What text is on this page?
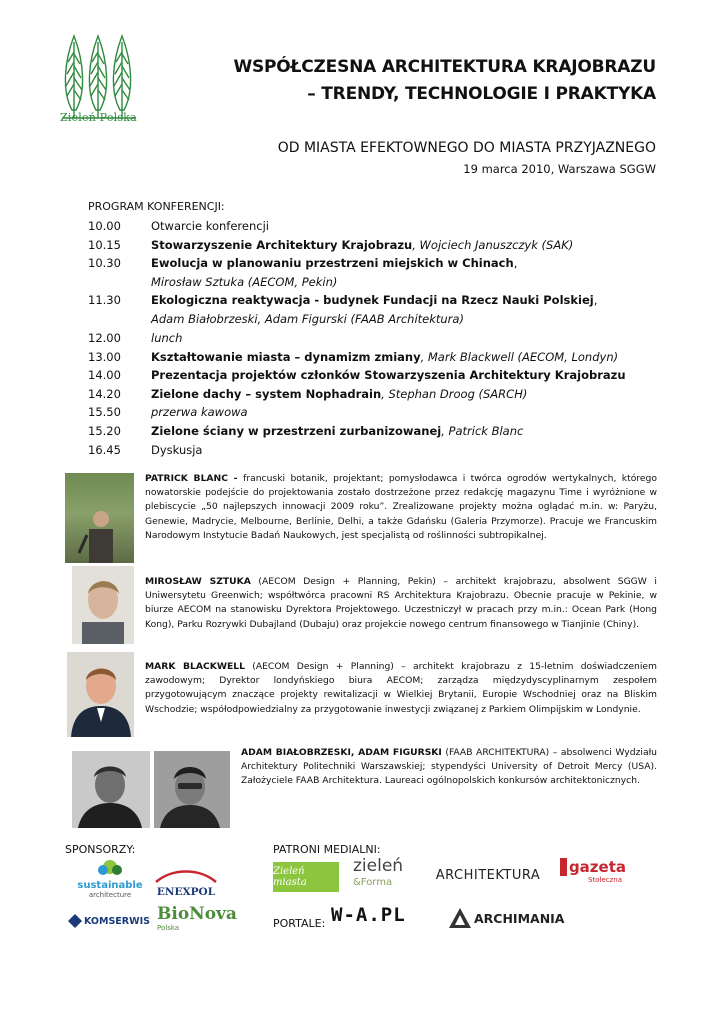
Zieleń Polska
WSPÓŁCZESNA ARCHITEKTURA KRAJOBRAZU
– TRENDY, TECHNOLOGIE I PRAKTYKA
OD MIASTA EFEKTOWNEGO DO MIASTA PRZYJAZNEGO
19 marca 2010, Warszawa SGGW
PROGRAM KONFERENCJI:
10.00	Otwarcie konferencji
10.15	Stowarzyszenie Architektury Krajobrazu, Wojciech Januszczyk (SAK)
10.30	Ewolucja w planowaniu przestrzeni miejskich w Chinach,
Mirosław Sztuka (AECOM, Pekin)
11.30	Ekologiczna reaktywacja - budynek Fundacji na Rzecz Nauki Polskiej,
Adam Białobrzeski, Adam Figurski (FAAB Architektura)
12.00	lunch
13.00	Kształtowanie miasta – dynamizm zmiany, Mark Blackwell (AECOM, Londyn)
14.00	Prezentacja projektów członków Stowarzyszenia Architektury Krajobrazu
14.20	Zielone dachy – system Nophadrain, Stephan Droog (SARCH)
15.50	przerwa kawowa
15.20	Zielone ściany w przestrzeni zurbanizowanej, Patrick Blanc
16.45	Dyskusja
PATRICK BLANC - francuski botanik, projektant; pomysłodawca i twórca ogrodów wertykalnych, którego nowatorskie podejście do projektowania zostało dostrzeżone przez redakcję magazynu Time i wyróżnione w plebiscycie „50 najlepszych innowacji 2009 roku”. Zrealizowane projekty można oglądać m.in. w: Paryżu, Genewie, Madrycie, Melbourne, Berlinie, Delhi, a także Gdańsku (Galeria Przymorze). Pracuje we Francuskim Narodowym Instytucie Badań Naukowych, jest specjalistą od roślinności subtropikalnej.
MIROSŁAW SZTUKA (AECOM Design + Planning, Pekin) – architekt krajobrazu, absolwent SGGW i Uniwersytetu Greenwich; współtwórca pracowni RS Architektura Krajobrazu. Obecnie pracuje w Pekinie, w biurze AECOM na stanowisku Dyrektora Projektowego. Uczestniczył w pracach przy m.in.: Ocean Park (Hong Kong), Parku Rozrywki Dubajland (Dubaju) oraz projekcie nowego centrum finansowego w Tianjinie (Chiny).
MARK BLACKWELL (AECOM Design + Planning) – architekt krajobrazu z 15-letnim doświadczeniem zawodowym; Dyrektor londyńskiego biura AECOM; zarządza międzydyscyplinarnym zespołem przygotowującym znaczące projekty rewitalizacji w Wielkiej Brytanii, Europie Wschodniej oraz na Bliskim Wschodzie; współodpowiedzialny za przygotowanie inwestycji związanej z Parkiem Olimpijskim w Londynie.
ADAM BIAŁOBRZESKI, ADAM FIGURSKI (FAAB ARCHITEKTURA) – absolwenci Wydziału Architektury Politechniki Warszawskiej; stypendyści University of Detroit Mercy (USA). Założyciele FAAB Architektura. Laureaci ogólnopolskich konkursów architektonicznych.
SPONSORZY:	PATRONI MEDIALNI:
sustainable
architecture	ENEXPOL
KOMSERWIS BioNova
Polska
Zieleń miasta
zieleń
&Forma	ARCHITEKTURA gazeta
Stołeczna
PORTALE: W-A.PL	ARCHIMANIA
